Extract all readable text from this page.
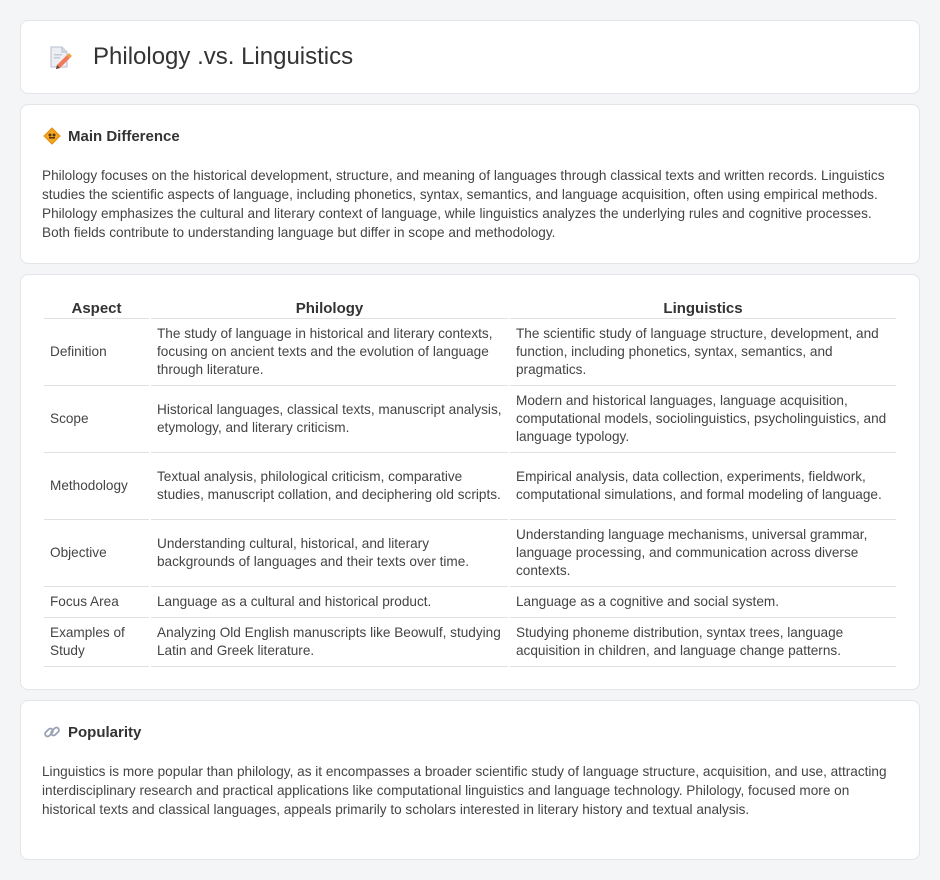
Philology .vs. Linguistics
Main Difference

Philology focuses on the historical development, structure, and meaning of languages through classical texts and written records. Linguistics studies the scientific aspects of language, including phonetics, syntax, semantics, and language acquisition, often using empirical methods. Philology emphasizes the cultural and literary context of language, while linguistics analyzes the underlying rules and cognitive processes. Both fields contribute to understanding language but differ in scope and methodology.

Aspect	Philology	Linguistics
Definition	The study of language in historical and literary contexts, focusing on ancient texts and the evolution of language through literature.	The scientific study of language structure, development, and function, including phonetics, syntax, semantics, and pragmatics.
Scope	Historical languages, classical texts, manuscript analysis, etymology, and literary criticism.	Modern and historical languages, language acquisition, computational models, sociolinguistics, psycholinguistics, and language typology.
Methodology	Textual analysis, philological criticism, comparative studies, manuscript collation, and deciphering old scripts.	Empirical analysis, data collection, experiments, fieldwork, computational simulations, and formal modeling of language.
Objective	Understanding cultural, historical, and literary backgrounds of languages and their texts over time.	Understanding language mechanisms, universal grammar, language processing, and communication across diverse contexts.
Focus Area	Language as a cultural and historical product.	Language as a cognitive and social system.
Examples of Study	Analyzing Old English manuscripts like Beowulf, studying Latin and Greek literature.	Studying phoneme distribution, syntax trees, language acquisition in children, and language change patterns.
Popularity

Linguistics is more popular than philology, as it encompasses a broader scientific study of language structure, acquisition, and use, attracting interdisciplinary research and practical applications like computational linguistics and language technology. Philology, focused more on historical texts and classical languages, appeals primarily to scholars interested in literary history and textual analysis.
